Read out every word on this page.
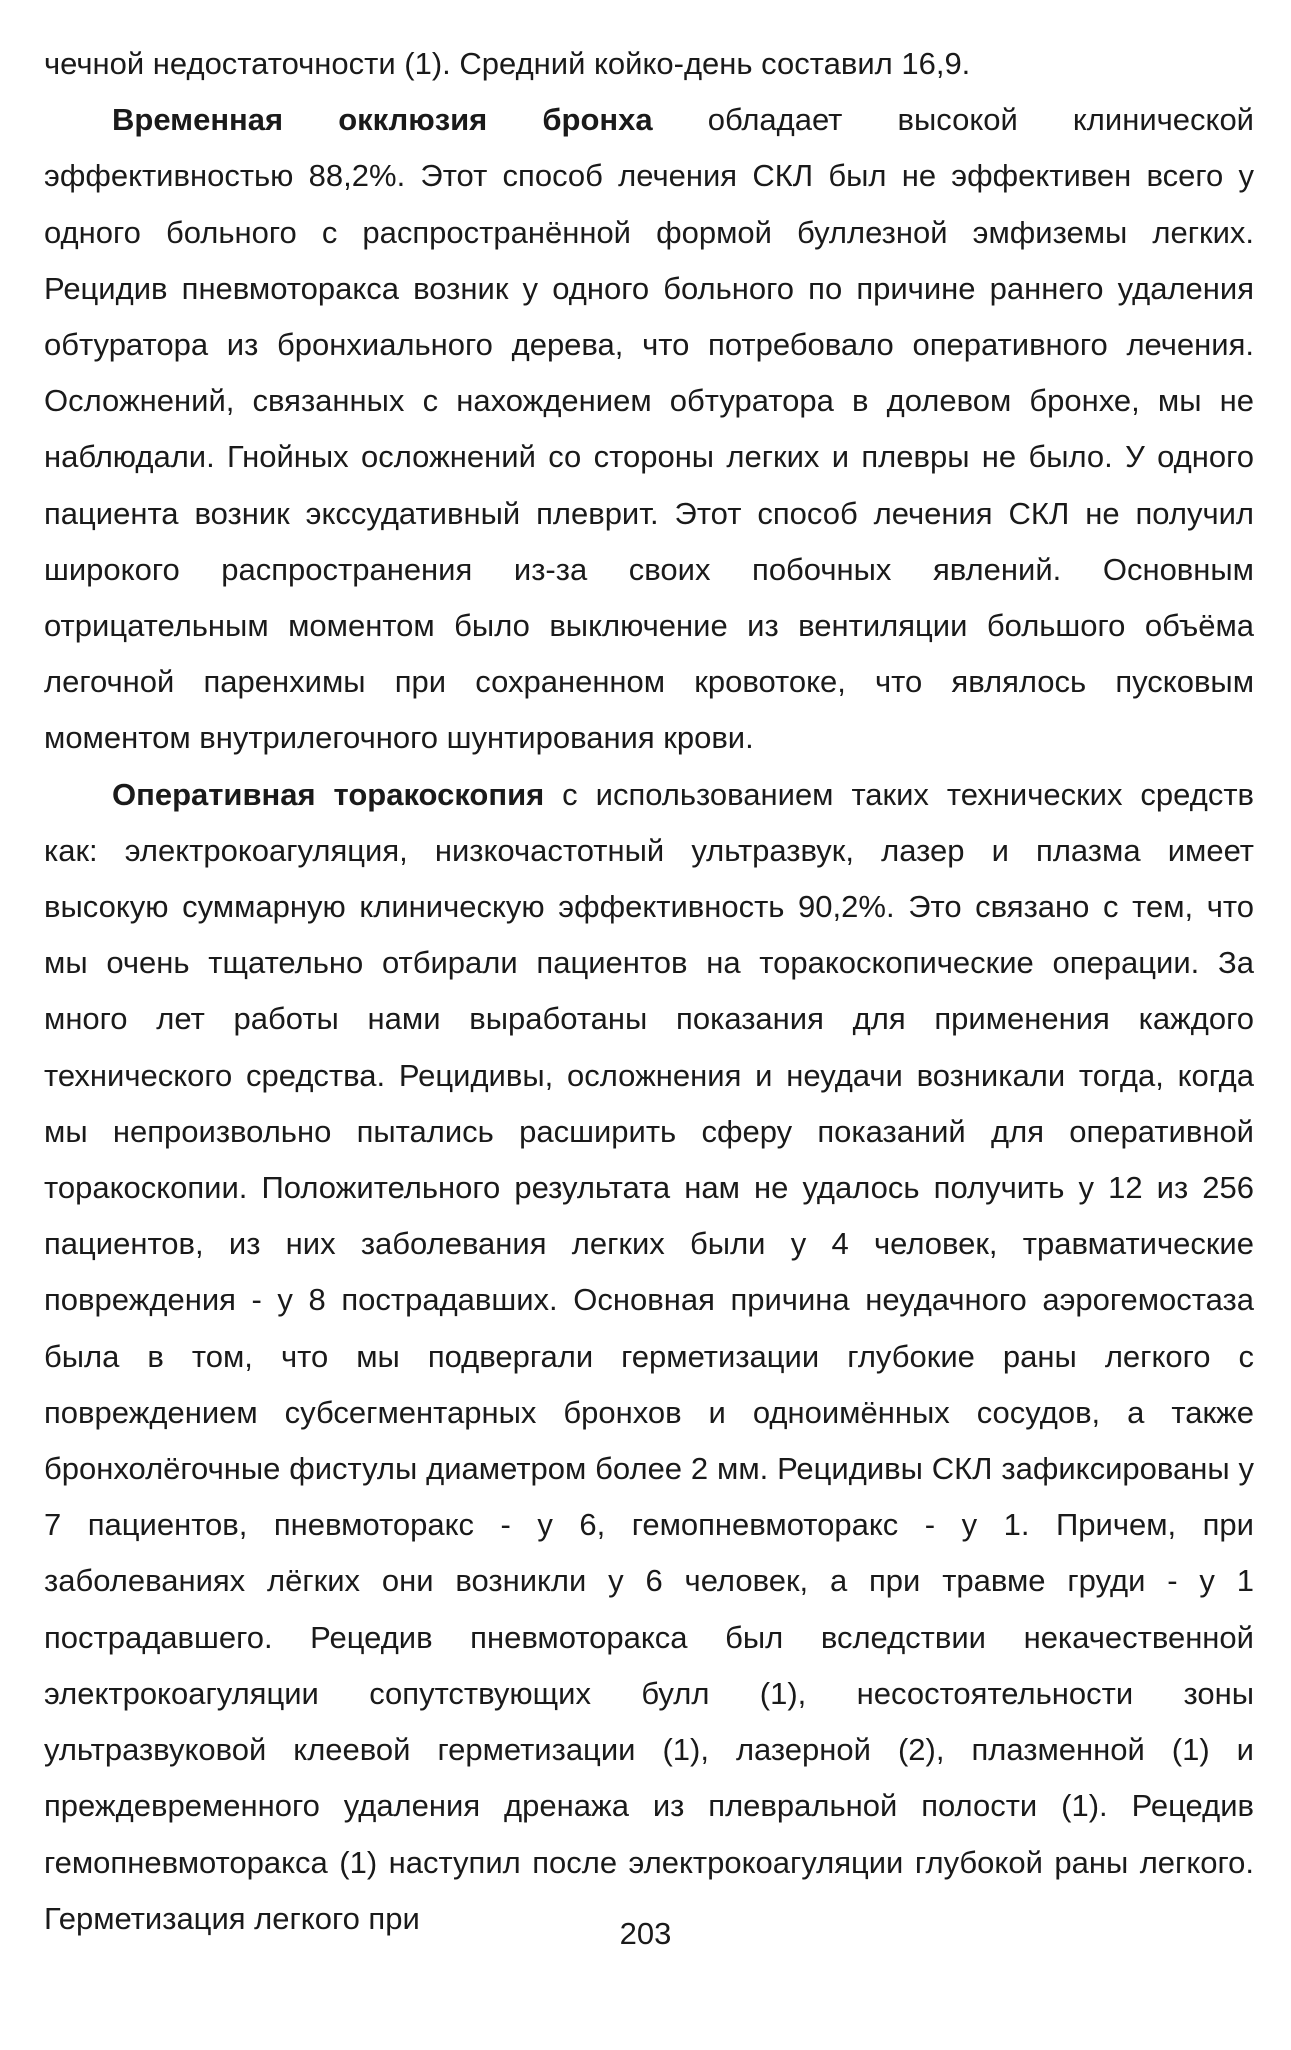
чечной недостаточности (1). Средний койко-день составил 16,9.

Временная окклюзия бронха обладает высокой клинической эффективностью 88,2%. Этот способ лечения СКЛ был не эффективен всего у одного больного с распространённой формой буллезной эмфиземы легких. Рецидив пневмоторакса возник у одного больного по причине раннего удаления обтуратора из бронхиального дерева, что потребовало оперативного лечения. Осложнений, связанных с нахождением обтуратора в долевом бронхе, мы не наблюдали. Гнойных осложнений со стороны легких и плевры не было. У одного пациента возник экссудативный плеврит. Этот способ лечения СКЛ не получил широкого распространения из-за своих побочных явлений. Основным отрицательным моментом было выключение из вентиляции большого объёма легочной паренхимы при сохраненном кровотоке, что являлось пусковым моментом внутрилегочного шунтирования крови.

Оперативная торакоскопия с использованием таких технических средств как: электрокоагуляция, низкочастотный ультразвук, лазер и плазма имеет высокую суммарную клиническую эффективность 90,2%. Это связано с тем, что мы очень тщательно отбирали пациентов на торакоскопические операции. За много лет работы нами выработаны показания для применения каждого технического средства. Рецидивы, осложнения и неудачи возникали тогда, когда мы непроизвольно пытались расширить сферу показаний для оперативной торакоскопии. Положительного результата нам не удалось получить у 12 из 256 пациентов, из них заболевания легких были у 4 человек, травматические повреждения - у 8 пострадавших. Основная причина неудачного аэрогемостаза была в том, что мы подвергали герметизации глубокие раны легкого с повреждением субсегментарных бронхов и одноимённых сосудов, а также бронхолёгочные фистулы диаметром более 2 мм. Рецидивы СКЛ зафиксированы у 7 пациентов, пневмоторакс - у 6, гемопневмоторакс - у 1. Причем, при заболеваниях лёгких они возникли у 6 человек, а при травме груди - у 1 пострадавшего. Рецедив пневмоторакса был вследствии некачественной электрокоагуляции сопутствующих булл (1), несостоятельности зоны ультразвуковой клеевой герметизации (1), лазерной (2), плазменной (1) и преждевременного удаления дренажа из плевральной полости (1). Рецедив гемопневмоторакса (1) наступил после электрокоагуляции глубокой раны легкого. Герметизация легкого при	203
